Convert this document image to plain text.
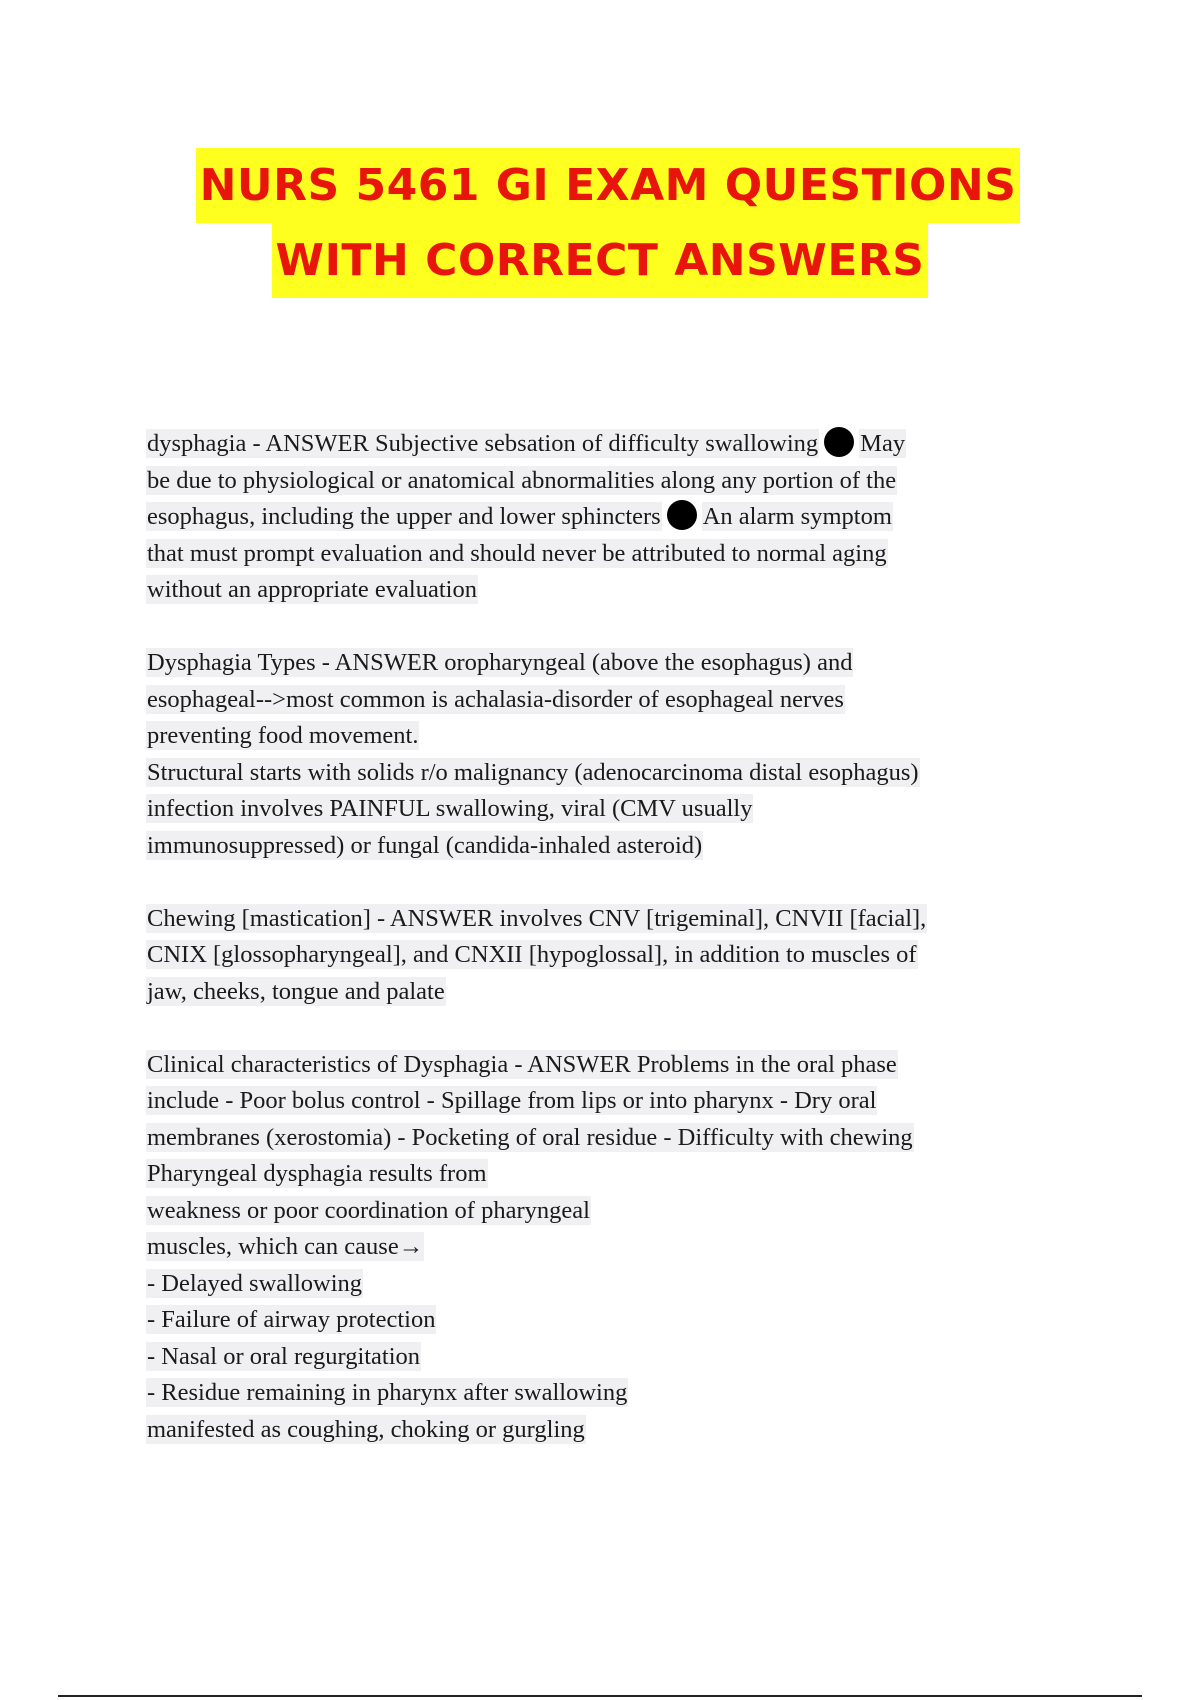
NURS 5461 GI EXAM QUESTIONS
WITH CORRECT ANSWERS
dysphagia - ANSWER Subjective sebsation of difficulty swallowing May
be due to physiological or anatomical abnormalities along any portion of the
esophagus, including the upper and lower sphincters An alarm symptom
that must prompt evaluation and should never be attributed to normal aging
without an appropriate evaluation
Dysphagia Types - ANSWER oropharyngeal (above the esophagus) and
esophageal-->most common is achalasia-disorder of esophageal nerves
preventing food movement.
Structural starts with solids r/o malignancy (adenocarcinoma distal esophagus)
infection involves PAINFUL swallowing, viral (CMV usually
immunosuppressed) or fungal (candida-inhaled asteroid)
Chewing [mastication] - ANSWER involves CNV [trigeminal], CNVII [facial],
CNIX [glossopharyngeal], and CNXII [hypoglossal], in addition to muscles of
jaw, cheeks, tongue and palate
Clinical characteristics of Dysphagia - ANSWER Problems in the oral phase
include - Poor bolus control - Spillage from lips or into pharynx - Dry oral
membranes (xerostomia) - Pocketing of oral residue - Difficulty with chewing
Pharyngeal dysphagia results from
weakness or poor coordination of pharyngeal
muscles, which can cause→
- Delayed swallowing
- Failure of airway protection
- Nasal or oral regurgitation
- Residue remaining in pharynx after swallowing
manifested as coughing, choking or gurgling
